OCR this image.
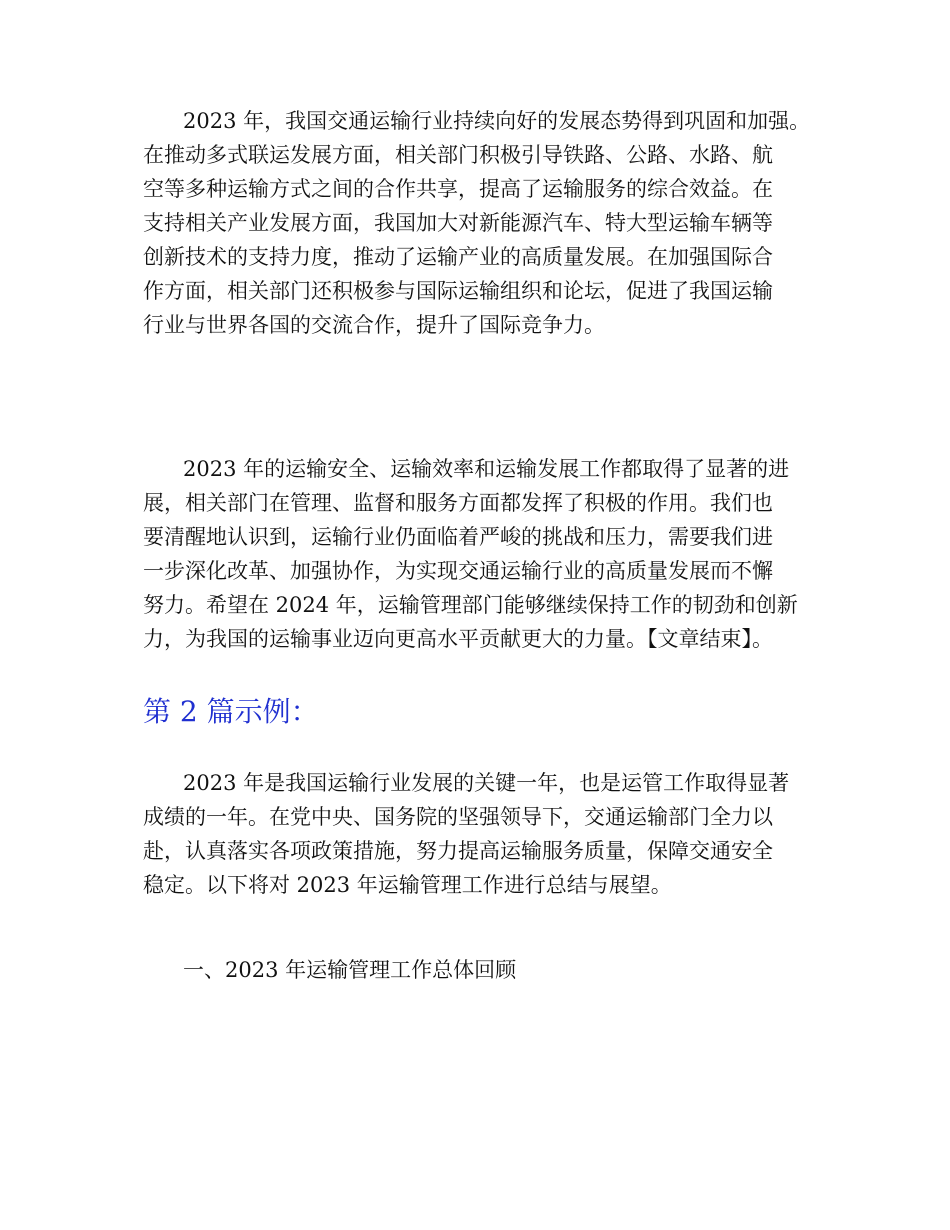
2023 年，我国交通运输行业持续向好的发展态势得到巩固和加强。
在推动多式联运发展方面，相关部门积极引导铁路、公路、水路、航
空等多种运输方式之间的合作共享，提高了运输服务的综合效益。在
支持相关产业发展方面，我国加大对新能源汽车、特大型运输车辆等
创新技术的支持力度，推动了运输产业的高质量发展。在加强国际合
作方面，相关部门还积极参与国际运输组织和论坛，促进了我国运输
行业与世界各国的交流合作，提升了国际竞争力。
2023 年的运输安全、运输效率和运输发展工作都取得了显著的进
展，相关部门在管理、监督和服务方面都发挥了积极的作用。我们也
要清醒地认识到，运输行业仍面临着严峻的挑战和压力，需要我们进
一步深化改革、加强协作，为实现交通运输行业的高质量发展而不懈
努力。希望在 2024 年，运输管理部门能够继续保持工作的韧劲和创新
力，为我国的运输事业迈向更高水平贡献更大的力量。【文章结束】。
第 2 篇示例：
2023 年是我国运输行业发展的关键一年，也是运管工作取得显著
成绩的一年。在党中央、国务院的坚强领导下，交通运输部门全力以
赴，认真落实各项政策措施，努力提高运输服务质量，保障交通安全
稳定。以下将对 2023 年运输管理工作进行总结与展望。
一、2023 年运输管理工作总体回顾
